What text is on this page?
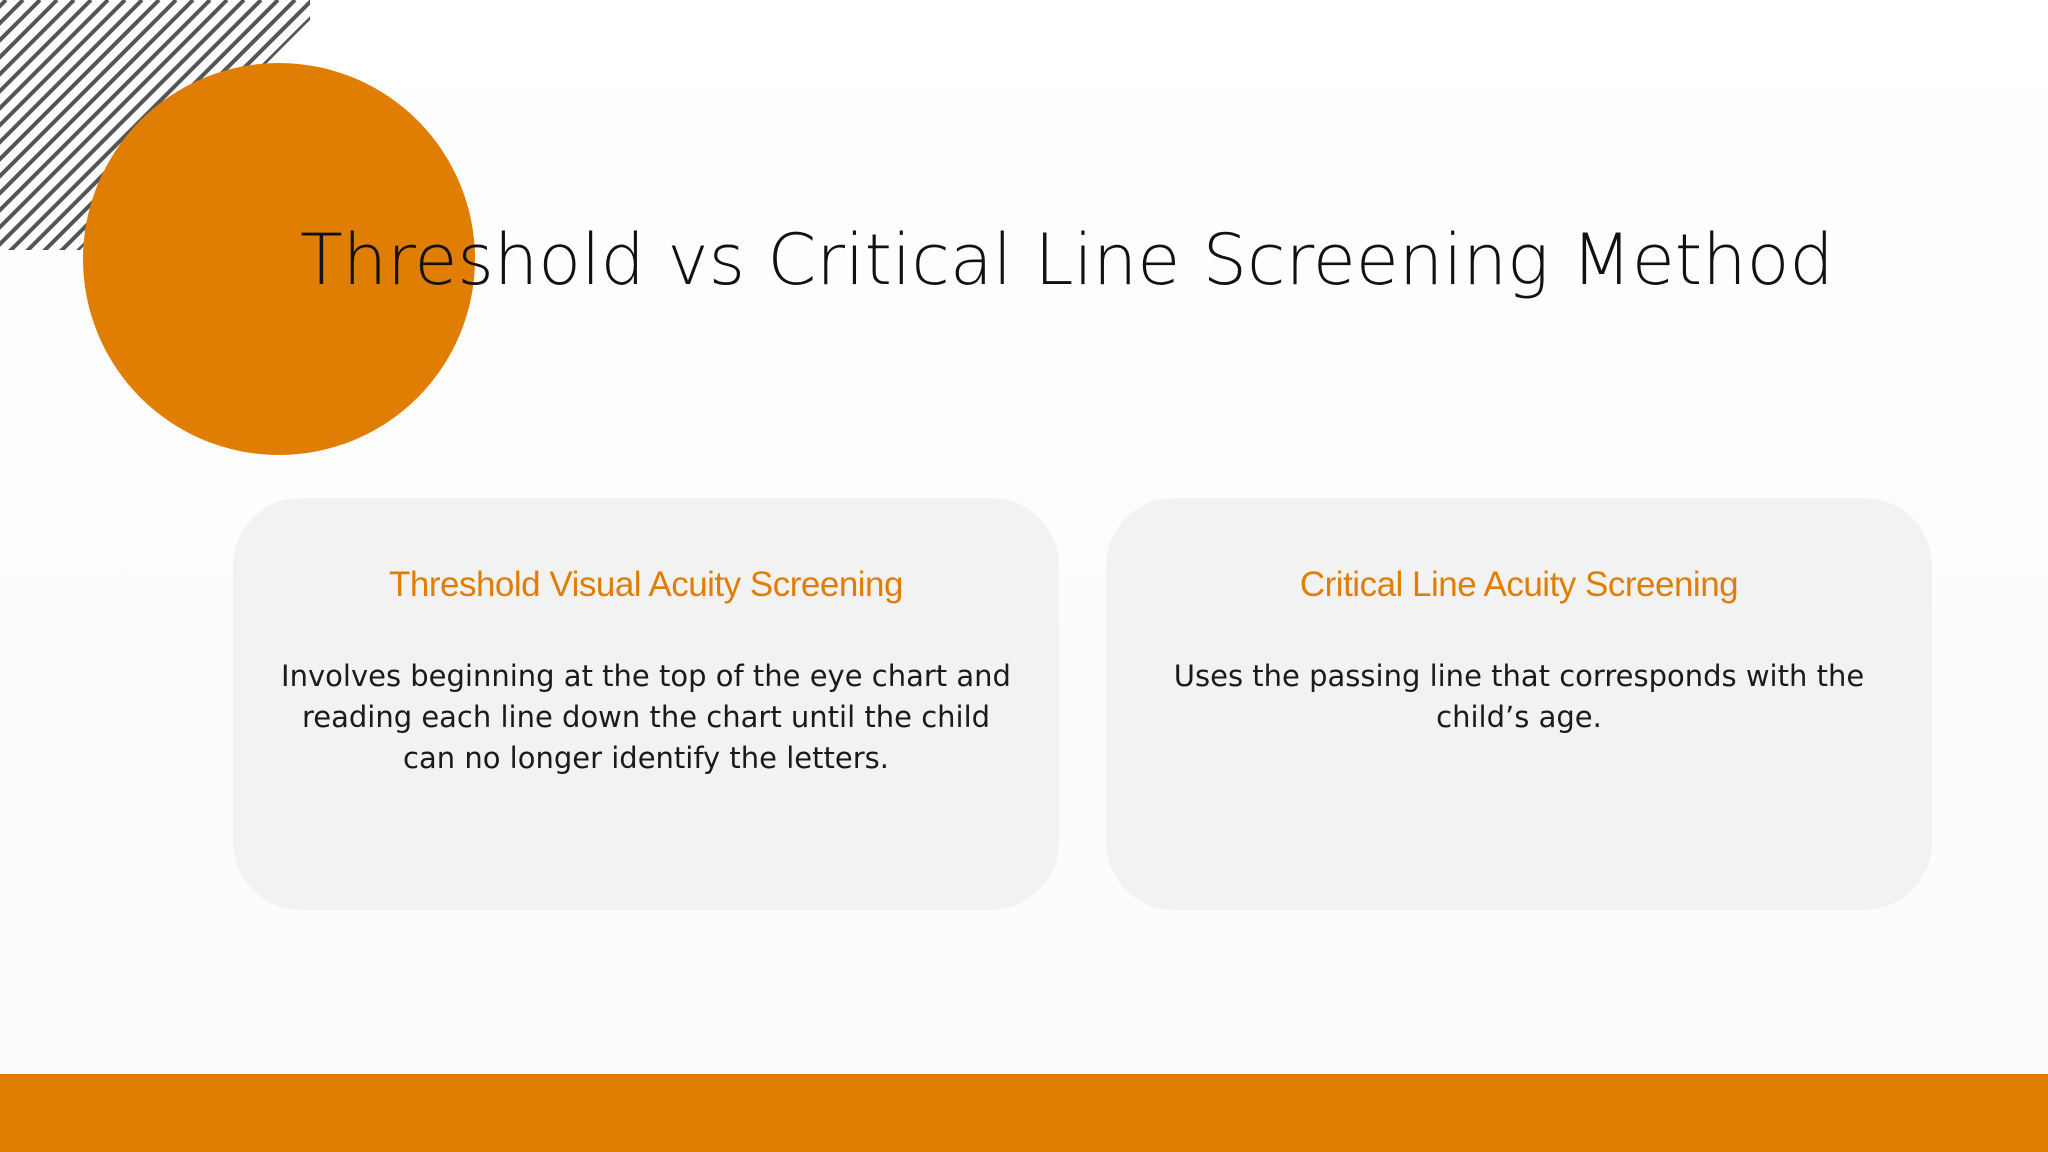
Threshold vs Critical Line Screening Method
Threshold Visual Acuity Screening
Involves beginning at the top of the eye chart and reading each line down the chart until the child can no longer identify the letters.
Critical Line Acuity Screening
Uses the passing line that corresponds with the child’s age.
